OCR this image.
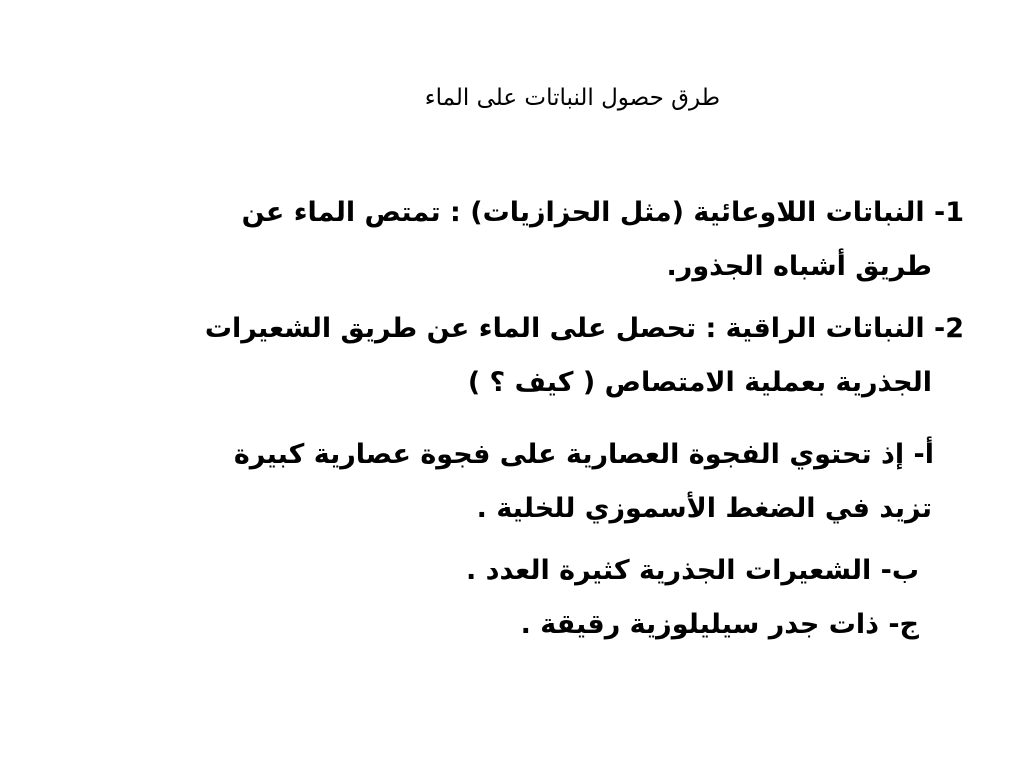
طرق حصول النباتات على الماء
1- النباتات اللاوعائية (مثل الحزازيات) : تمتص الماء عن
طريق أشباه الجذور.
2- النباتات الراقية : تحصل على الماء عن طريق الشعيرات
الجذرية بعملية الامتصاص ( كيف ؟ )
أ- إذ تحتوي الفجوة العصارية على فجوة عصارية كبيرة
تزيد في الضغط الأسموزي للخلية .
ب- الشعيرات الجذرية كثيرة العدد .
ج- ذات جدر سيليلوزية رقيقة .
